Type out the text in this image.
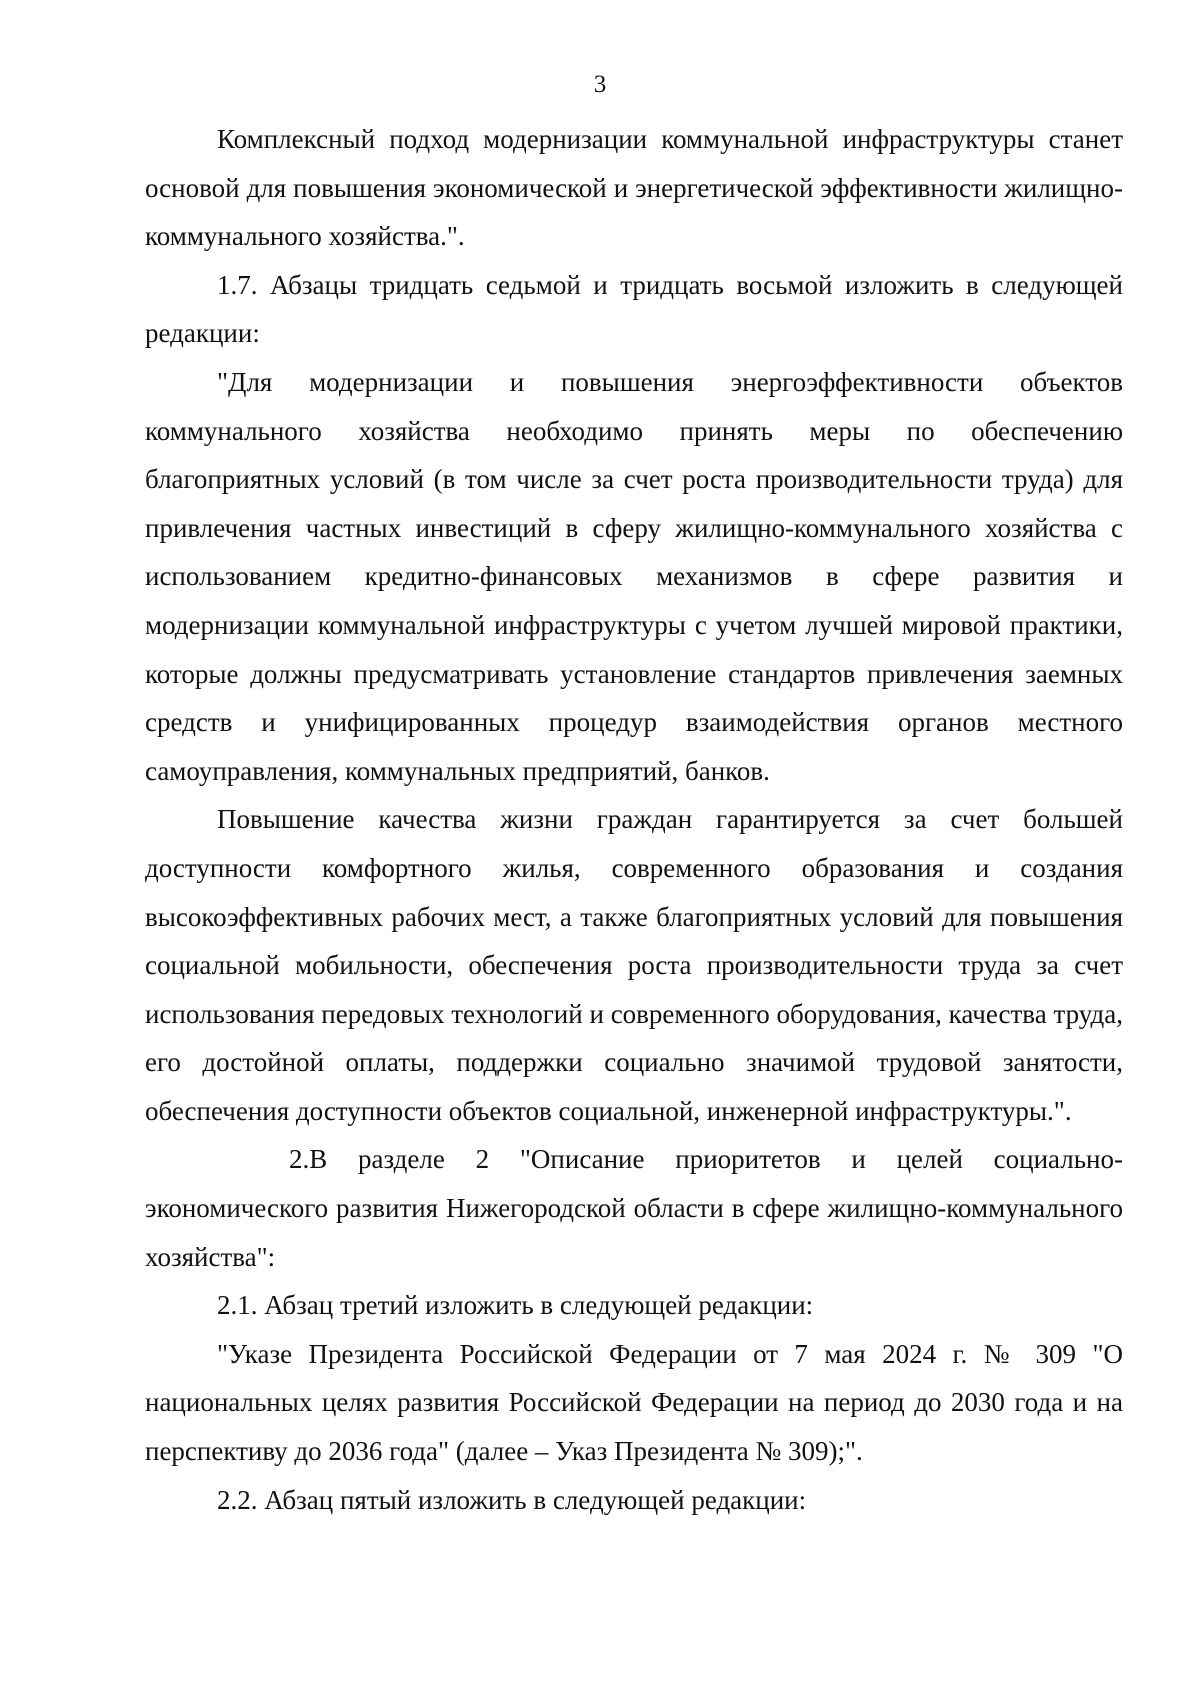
3

Комплексный подход модернизации коммунальной инфраструктуры станет основой для повышения экономической и энергетической эффективности жилищно-коммунального хозяйства.".

1.7. Абзацы тридцать седьмой и тридцать восьмой изложить в следующей редакции:

"Для модернизации и повышения энергоэффективности объектов коммунального хозяйства необходимо принять меры по обеспечению благоприятных условий (в том числе за счет роста производительности труда) для привлечения частных инвестиций в сферу жилищно-коммунального хозяйства с использованием кредитно-финансовых механизмов в сфере развития и модернизации коммунальной инфраструктуры с учетом лучшей мировой практики, которые должны предусматривать установление стандартов привлечения заемных средств и унифицированных процедур взаимодействия органов местного самоуправления, коммунальных предприятий, банков.

Повышение качества жизни граждан гарантируется за счет большей доступности комфортного жилья, современного образования и создания высокоэффективных рабочих мест, а также благоприятных условий для повышения социальной мобильности, обеспечения роста производительности труда за счет использования передовых технологий и современного оборудования, качества труда, его достойной оплаты, поддержки социально значимой трудовой занятости, обеспечения доступности объектов социальной, инженерной инфраструктуры.".

2.В разделе 2 "Описание приоритетов и целей социально-экономического развития Нижегородской области в сфере жилищно-коммунального хозяйства":

2.1. Абзац третий изложить в следующей редакции:

"Указе Президента Российской Федерации от 7 мая 2024 г. № 309 "О национальных целях развития Российской Федерации на период до 2030 года и на перспективу до 2036 года" (далее – Указ Президента № 309);".

2.2. Абзац пятый изложить в следующей редакции:
